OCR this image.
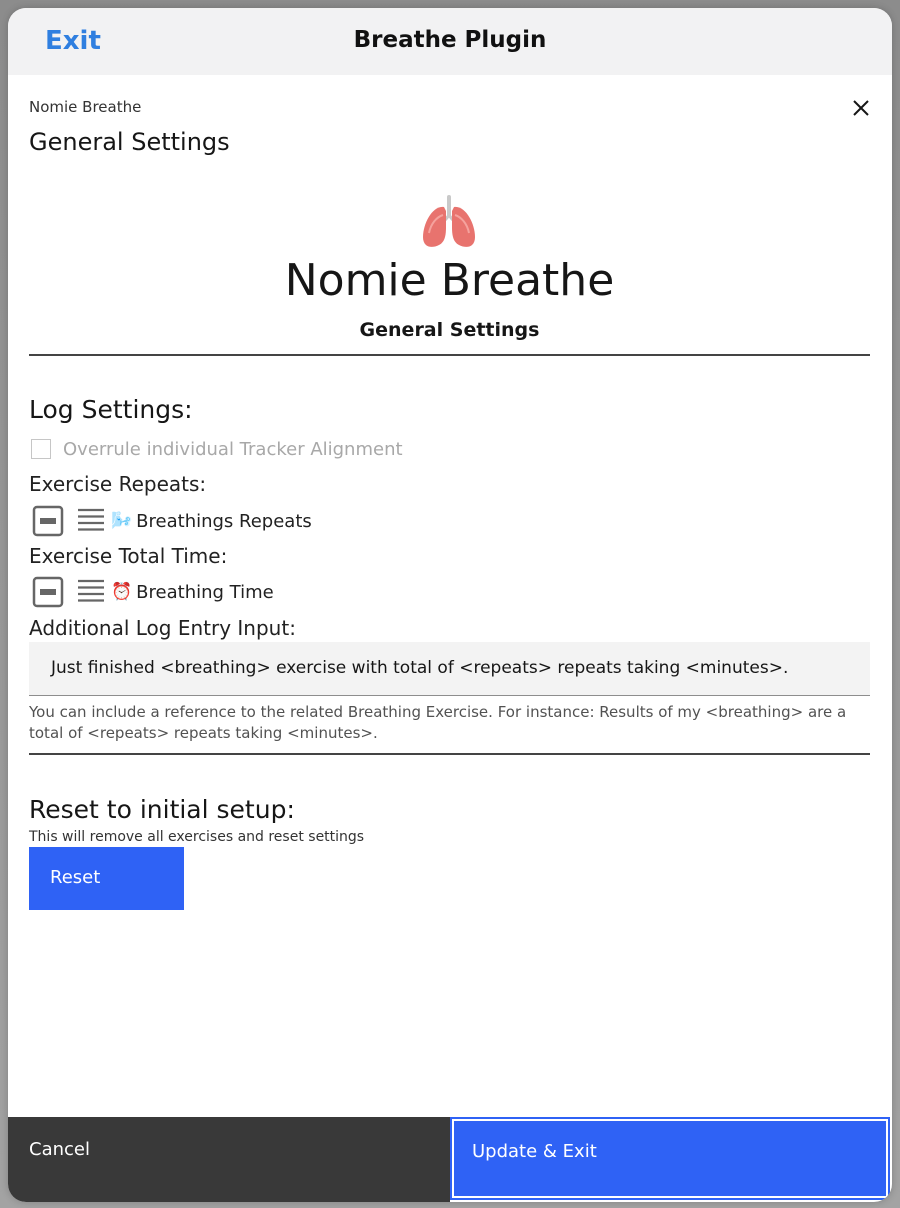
Exit	Breathe Plugin
Nomie Breathe
General Settings
Nomie Breathe
General Settings
Log Settings:
Overrule individual Tracker Alignment
Exercise Repeats:
🌬️ Breathings Repeats
Exercise Total Time:
⏰ Breathing Time
Additional Log Entry Input:
Just finished <breathing> exercise with total of <repeats> repeats taking <minutes>.
You can include a reference to the related Breathing Exercise. For instance: Results of my <breathing> are a total of <repeats> repeats taking <minutes>.
Reset to initial setup:
This will remove all exercises and reset settings
Reset
Cancel	Update & Exit
